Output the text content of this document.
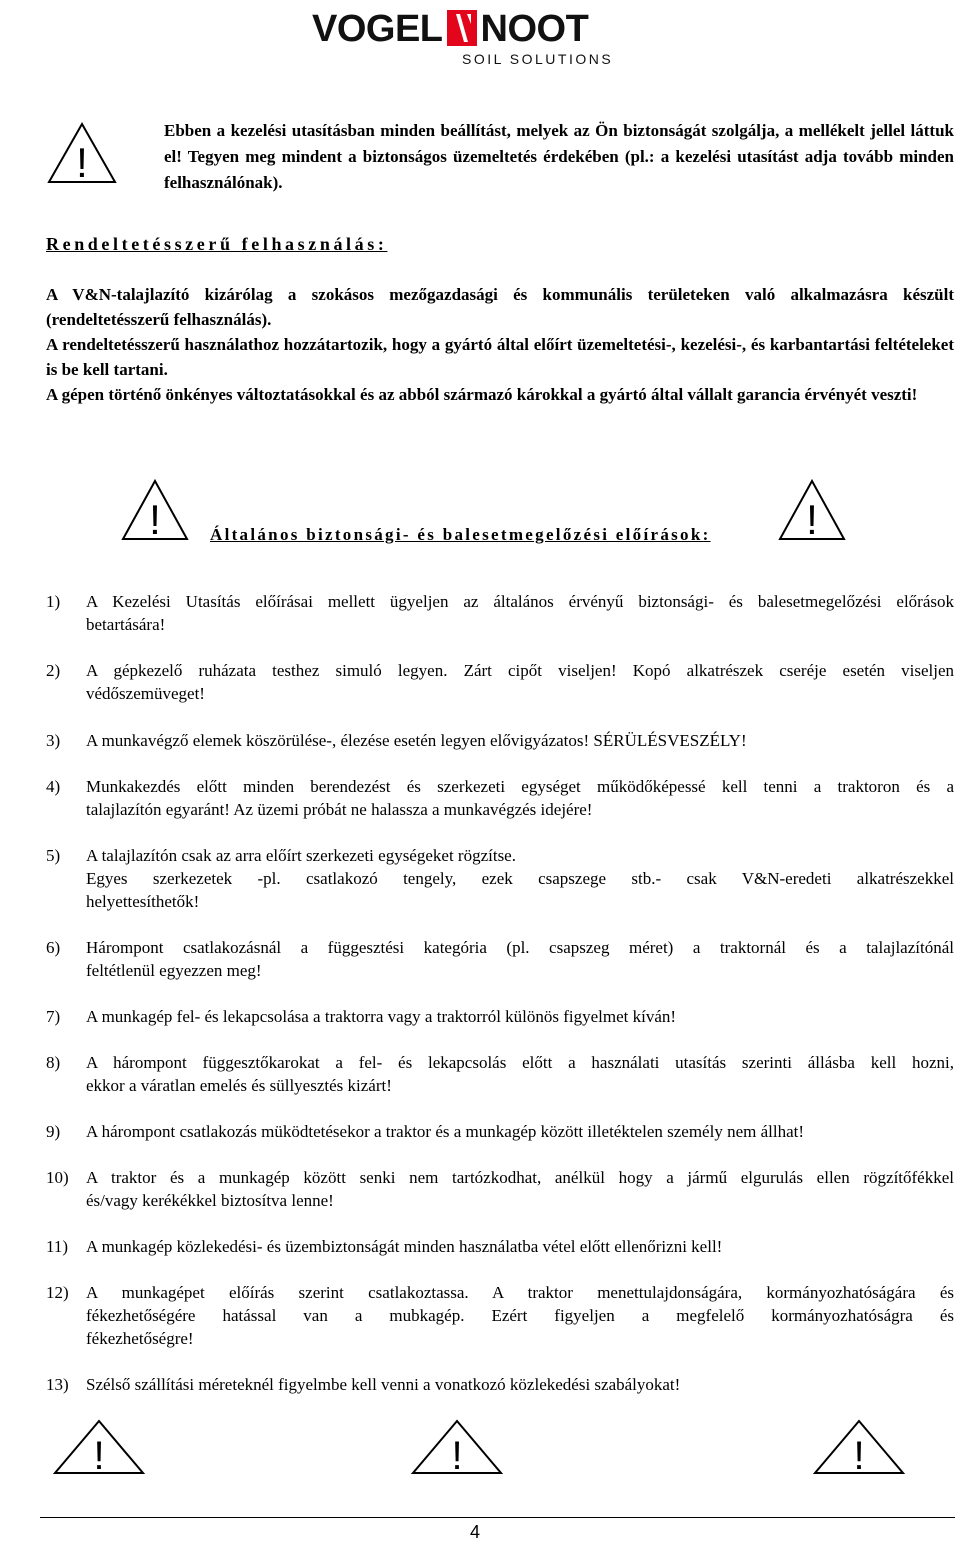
VOGEL NOOT
SOIL SOLUTIONS
!
Ebben a kezelési utasításban minden beállítást, melyek az Ön biztonságát szolgálja, a mellékelt jellel láttuk el! Tegyen meg mindent a biztonságos üzemeltetés érdekében (pl.: a kezelési utasítást adja tovább minden felhasználónak).
Rendeltetésszerű felhasználás:

A V&N-talajlazító kizárólag a szokásos mezőgazdasági és kommunális területeken való alkalmazásra készült (rendeltetésszerű felhasználás).

A rendeltetésszerű használathoz hozzátartozik, hogy a gyártó által előírt üzemeltetési-, kezelési-, és karbantartási feltételeket is be kell tartani.

A gépen történő önkényes változtatásokkal és az abból származó károkkal a gyártó által vállalt garancia érvényét veszti!

!	Általános biztonsági- és balesetmegelőzési előírások: !
1) A Kezelési Utasítás előírásai mellett ügyeljen az általános érvényű biztonsági- és balesetmegelőzési előrások
betartására!
2) A gépkezelő ruházata testhez simuló legyen. Zárt cipőt viseljen! Kopó alkatrészek cseréje esetén viseljen
védőszemüveget!
3) A munkavégző elemek köszörülése-, élezése esetén legyen elővigyázatos! SÉRÜLÉSVESZÉLY!
4) Munkakezdés előtt minden berendezést és szerkezeti egységet működőképessé kell tenni a traktoron és a
talajlazítón egyaránt! Az üzemi próbát ne halassza a munkavégzés idejére!
5) A talajlazítón csak az arra előírt szerkezeti egységeket rögzítse.
Egyes szerkezetek -pl. csatlakozó tengely, ezek csapszege stb.- csak V&N-eredeti alkatrészekkel
helyettesíthetők!
6) Hárompont csatlakozásnál a függesztési kategória (pl. csapszeg méret) a traktornál és a talajlazítónál
feltétlenül egyezzen meg!
7) A munkagép fel- és lekapcsolása a traktorra vagy a traktorról különös figyelmet kíván!
8) A hárompont függesztőkarokat a fel- és lekapcsolás előtt a használati utasítás szerinti állásba kell hozni,
ekkor a váratlan emelés és süllyesztés kizárt!
9) A hárompont csatlakozás müködtetésekor a traktor és a munkagép között illetéktelen személy nem állhat!
10) A traktor és a munkagép között senki nem tartózkodhat, anélkül hogy a jármű elgurulás ellen rögzítőfékkel
és/vagy kerékékkel biztosítva lenne!
11) A munkagép közlekedési- és üzembiztonságát minden használatba vétel előtt ellenőrizni kell!
12) A munkagépet előírás szerint csatlakoztassa. A traktor menettulajdonságára, kormányozhatóságára és
fékezhetőségére hatással van a mubkagép. Ezért figyeljen a megfelelő kormányozhatóságra és
fékezhetőségre!
13) Szélső szállítási méreteknél figyelmbe kell venni a vonatkozó közlekedési szabályokat!
!	!	!
4
